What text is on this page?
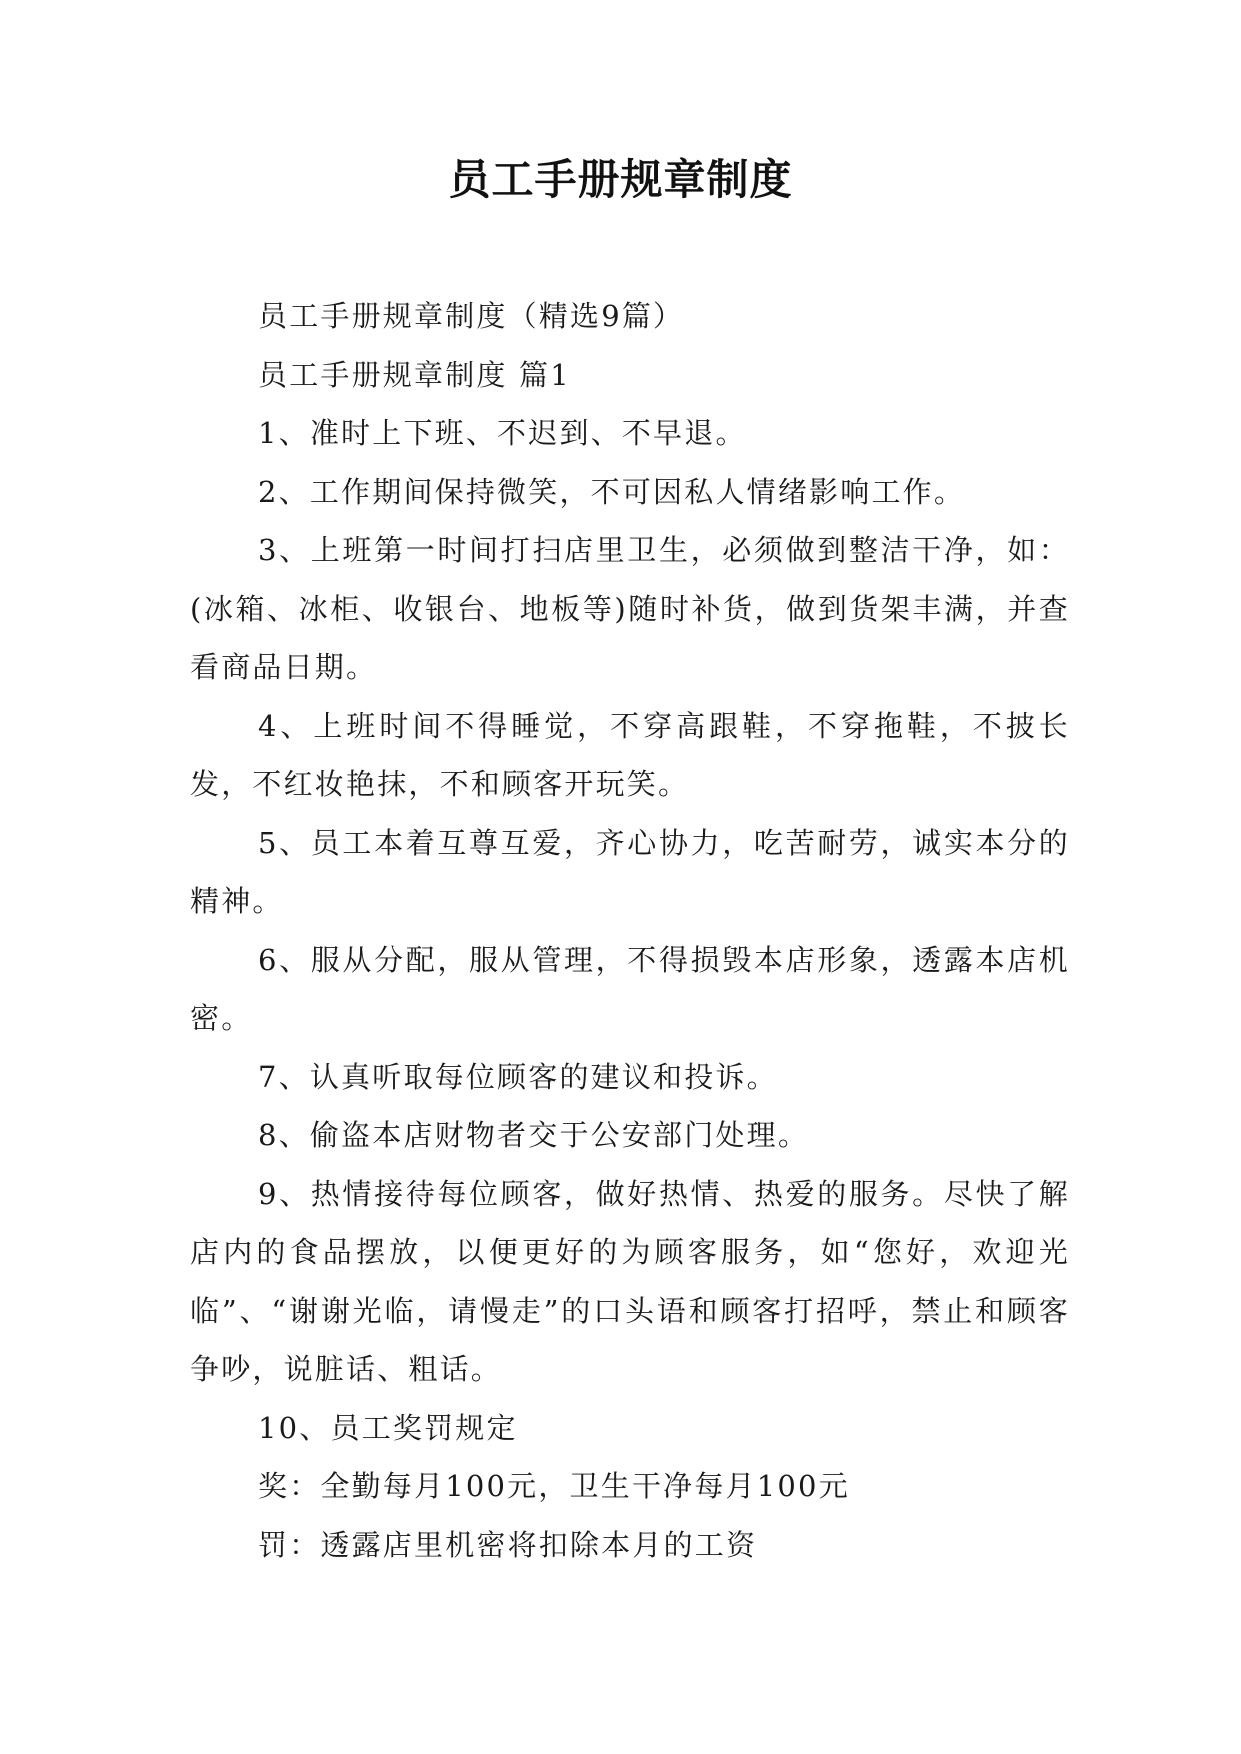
员工手册规章制度

员工手册规章制度（精选9篇）

员工手册规章制度 篇1

1、准时上下班、不迟到、不早退。

2、工作期间保持微笑，不可因私人情绪影响工作。

3、上班第一时间打扫店里卫生，必须做到整洁干净，如：(冰箱、冰柜、收银台、地板等)随时补货，做到货架丰满，并查看商品日期。

4、上班时间不得睡觉，不穿高跟鞋，不穿拖鞋，不披长发，不红妆艳抹，不和顾客开玩笑。

5、员工本着互尊互爱，齐心协力，吃苦耐劳，诚实本分的精神。

6、服从分配，服从管理，不得损毁本店形象，透露本店机密。

7、认真听取每位顾客的建议和投诉。

8、偷盗本店财物者交于公安部门处理。

9、热情接待每位顾客，做好热情、热爱的服务。尽快了解店内的食品摆放，以便更好的为顾客服务，如“您好，欢迎光临”、“谢谢光临，请慢走”的口头语和顾客打招呼，禁止和顾客争吵，说脏话、粗话。

10、员工奖罚规定

奖：全勤每月100元，卫生干净每月100元

罚：透露店里机密将扣除本月的工资
